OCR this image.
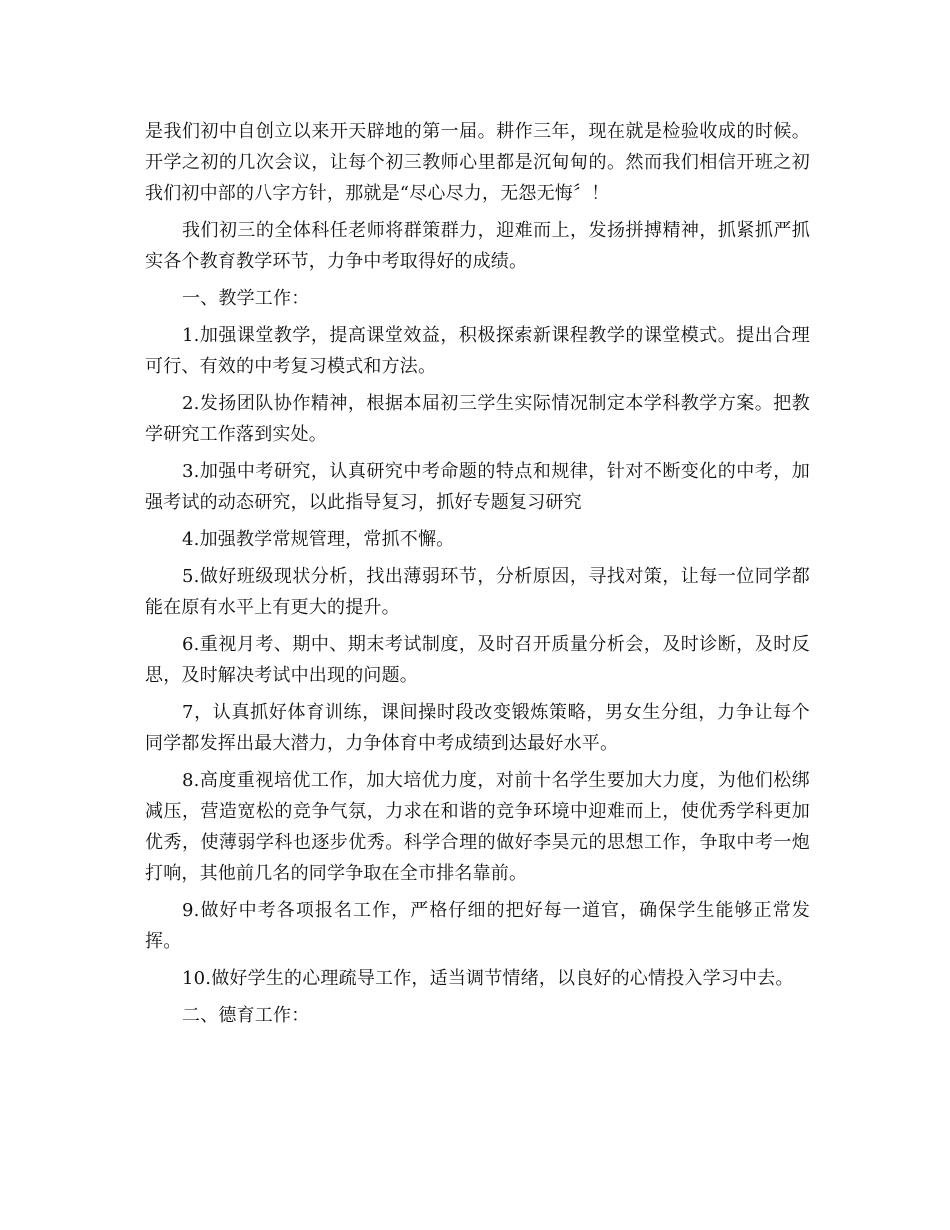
是我们初中自创立以来开天辟地的第一届。耕作三年，现在就是检验收成的时候。开学之初的几次会议，让每个初三教师心里都是沉甸甸的。然而我们相信开班之初我们初中部的八字方针，那就是“尽心尽力，无怨无悔〞！

我们初三的全体科任老师将群策群力，迎难而上，发扬拼搏精神，抓紧抓严抓实各个教育教学环节，力争中考取得好的成绩。

一、教学工作：

1.加强课堂教学，提高课堂效益，积极探索新课程教学的课堂模式。提出合理可行、有效的中考复习模式和方法。

2.发扬团队协作精神，根据本届初三学生实际情况制定本学科教学方案。把教学研究工作落到实处。

3.加强中考研究，认真研究中考命题的特点和规律，针对不断变化的中考，加强考试的动态研究，以此指导复习，抓好专题复习研究

4.加强教学常规管理，常抓不懈。

5.做好班级现状分析，找出薄弱环节，分析原因，寻找对策，让每一位同学都能在原有水平上有更大的提升。

6.重视月考、期中、期末考试制度，及时召开质量分析会，及时诊断，及时反思，及时解决考试中出现的问题。

7，认真抓好体育训练，课间操时段改变锻炼策略，男女生分组，力争让每个同学都发挥出最大潜力，力争体育中考成绩到达最好水平。

8.高度重视培优工作，加大培优力度，对前十名学生要加大力度，为他们松绑减压，营造宽松的竞争气氛，力求在和谐的竞争环境中迎难而上，使优秀学科更加优秀，使薄弱学科也逐步优秀。科学合理的做好李昊元的思想工作，争取中考一炮打响，其他前几名的同学争取在全市排名靠前。

9.做好中考各项报名工作，严格仔细的把好每一道官，确保学生能够正常发挥。

10.做好学生的心理疏导工作，适当调节情绪，以良好的心情投入学习中去。

二、德育工作：
